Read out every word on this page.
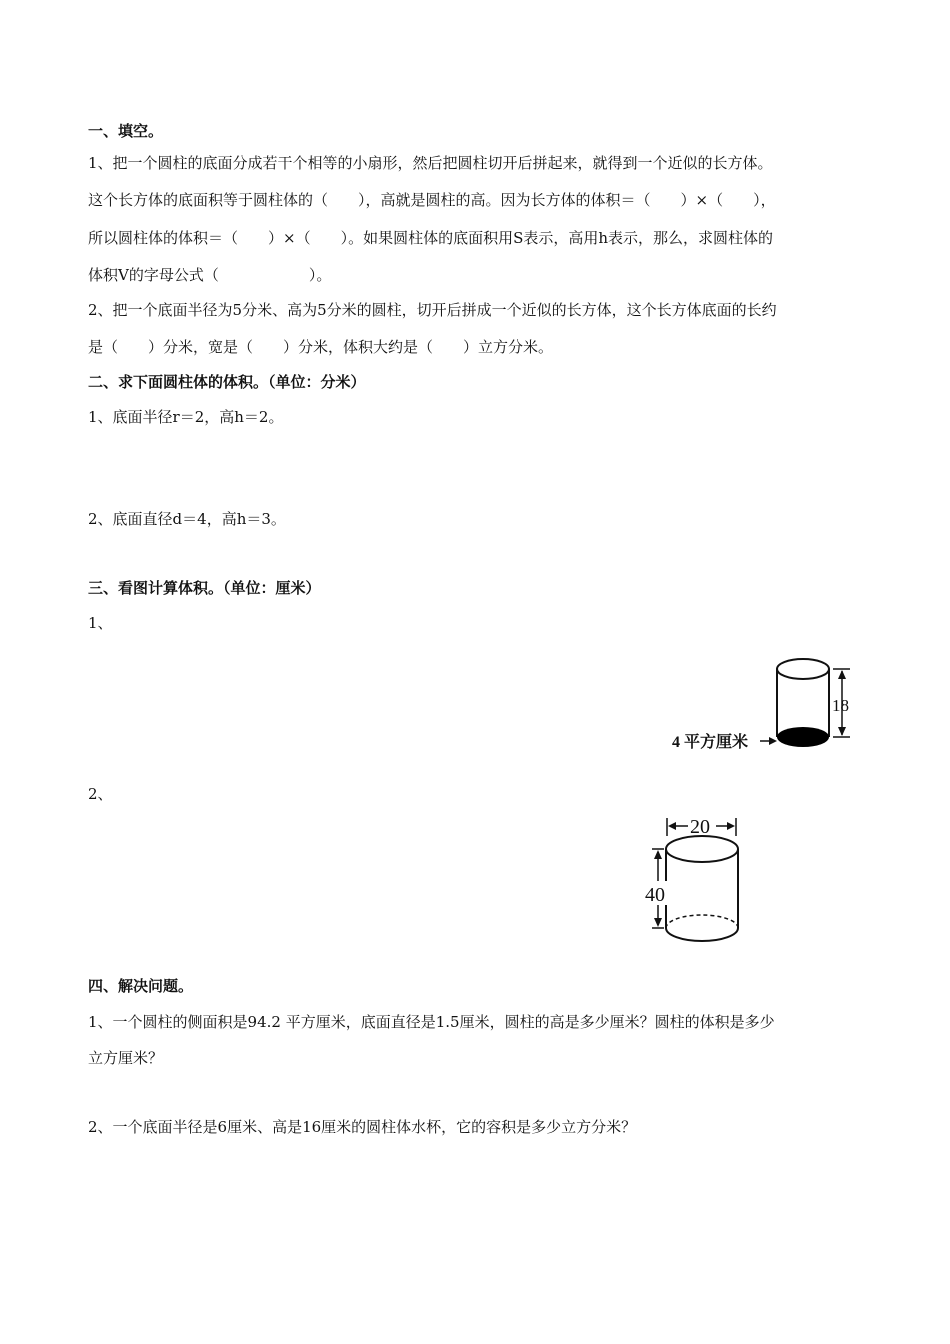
一、填空。
1、把一个圆柱的底面分成若干个相等的小扇形，然后把圆柱切开后拼起来，就得到一个近似的长方体。
这个长方体的底面积等于圆柱体的（　　），高就是圆柱的高。因为长方体的体积＝（　　）×（　　），
所以圆柱体的体积＝（　　）×（　　）。如果圆柱体的底面积用S表示，高用h表示，那么，求圆柱体的
体积V的字母公式（　　　　　　）。
2、把一个底面半径为5分米、高为5分米的圆柱，切开后拼成一个近似的长方体，这个长方体底面的长约
是（　　）分米，宽是（　　）分米，体积大约是（　　）立方分米。
二、求下面圆柱体的体积。（单位：分米）
1、底面半径r＝2，高h＝2。
2、底面直径d＝4，高h＝3。
三、看图计算体积。（单位：厘米）
1、
18
4 平方厘米
2、
20
40
四、解决问题。
1、一个圆柱的侧面积是94.2 平方厘米，底面直径是1.5厘米，圆柱的高是多少厘米？圆柱的体积是多少
立方厘米？
2、一个底面半径是6厘米、高是16厘米的圆柱体水杯，它的容积是多少立方分米？
